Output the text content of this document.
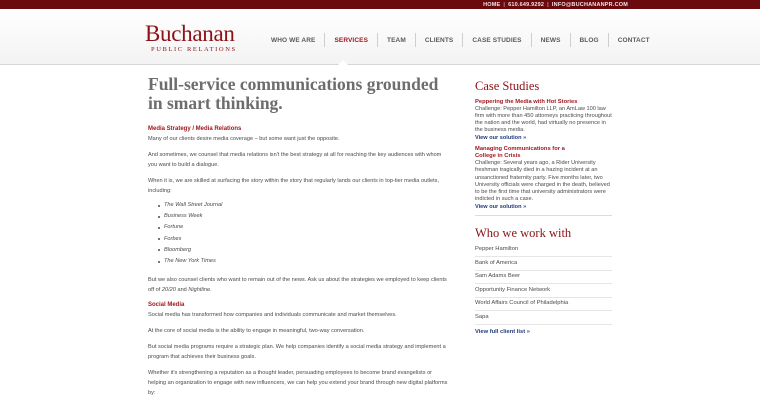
HOME | 610.649.9292 | INFO@BUCHANANPR.COM
Buchanan
PUBLIC RELATIONS
WHO WE ARE	SERVICES	TEAM	CLIENTS	CASE STUDIES	NEWS	BLOG	CONTACT
Full-service communications grounded in smart thinking.
Media Strategy / Media Relations

Many of our clients desire media coverage – but some want just the opposite.

And sometimes, we counsel that media relations isn't the best strategy at all for reaching the key audiences with whom you want to build a dialogue.

When it is, we are skilled at surfacing the story within the story that regularly lands our clients in top-tier media outlets, including:

The Wall Street Journal
Business Week
Fortune
Forbes
Bloomberg
The New York Times

But we also counsel clients who want to remain out of the news. Ask us about the strategies we employed to keep clients off of 20/20 and Nightline.

Social Media

Social media has transformed how companies and individuals communicate and market themselves.

At the core of social media is the ability to engage in meaningful, two-way conversation.

But social media programs require a strategic plan. We help companies identify a social media strategy and implement a program that achieves their business goals.

Whether it's strengthening a reputation as a thought leader, persuading employees to become brand evangelists or helping an organization to engage with new influencers, we can help you extend your brand through new digital platforms by:

Case Studies
Peppering the Media with Hot Stories
Challenge: Pepper Hamilton LLP, an AmLaw 100 law firm with more than 450 attorneys practicing throughout the nation and the world, had virtually no presence in the business media.
View our solution »
Managing Communications for a College in Crisis
Challenge: Several years ago, a Rider University freshman tragically died in a hazing incident at an unsanctioned fraternity party. Five months later, two University officials were charged in the death, believed to be the first time that university administrators were indicted in such a case.
View our solution »
Who we work with
Pepper Hamilton
Bank of America
Sam Adams Beer
Opportunity Finance Network
World Affairs Council of Philadelphia
Sapa
View full client list »
